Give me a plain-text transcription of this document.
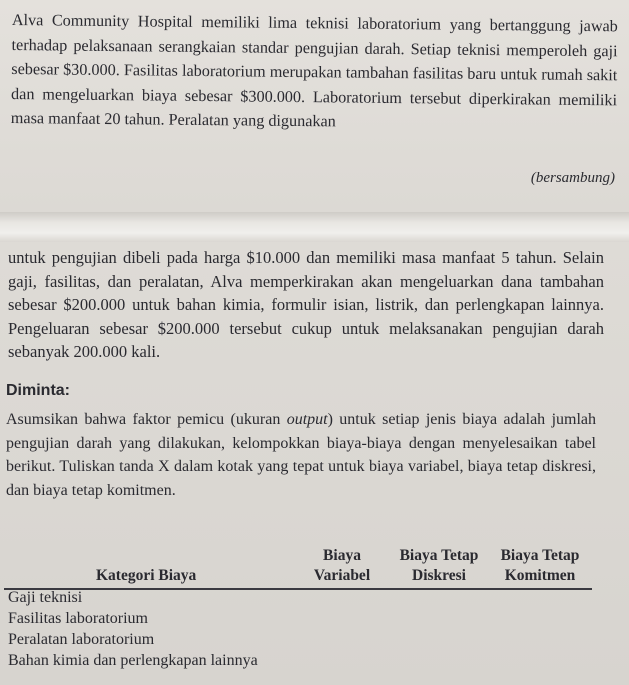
Alva Community Hospital memiliki lima teknisi laboratorium yang bertanggung jawab terhadap pelaksanaan serangkaian standar pengujian darah. Setiap teknisi memperoleh gaji sebesar $30.000. Fasilitas laboratorium merupakan tambahan fasilitas baru untuk rumah sakit dan mengeluarkan biaya sebesar $300.000. Laboratorium tersebut diperkirakan memiliki masa manfaat 20 tahun. Peralatan yang digunakan

(bersambung)

untuk pengujian dibeli pada harga $10.000 dan memiliki masa manfaat 5 tahun. Selain gaji, fasilitas, dan peralatan, Alva memperkirakan akan mengeluarkan dana tambahan sebesar $200.000 untuk bahan kimia, formulir isian, listrik, dan perlengkapan lainnya. Pengeluaran sebesar $200.000 tersebut cukup untuk melaksanakan pengujian darah sebanyak 200.000 kali.

Diminta:

Asumsikan bahwa faktor pemicu (ukuran output) untuk setiap jenis biaya adalah jumlah pengujian darah yang dilakukan, kelompokkan biaya-biaya dengan menyelesaikan tabel berikut. Tuliskan tanda X dalam kotak yang tepat untuk biaya variabel, biaya tetap diskresi, dan biaya tetap komitmen.

Kategori Biaya
Biaya
Variabel
Biaya Tetap
Diskresi
Biaya Tetap
Komitmen
Gaji teknisi
Fasilitas laboratorium
Peralatan laboratorium
Bahan kimia dan perlengkapan lainnya
